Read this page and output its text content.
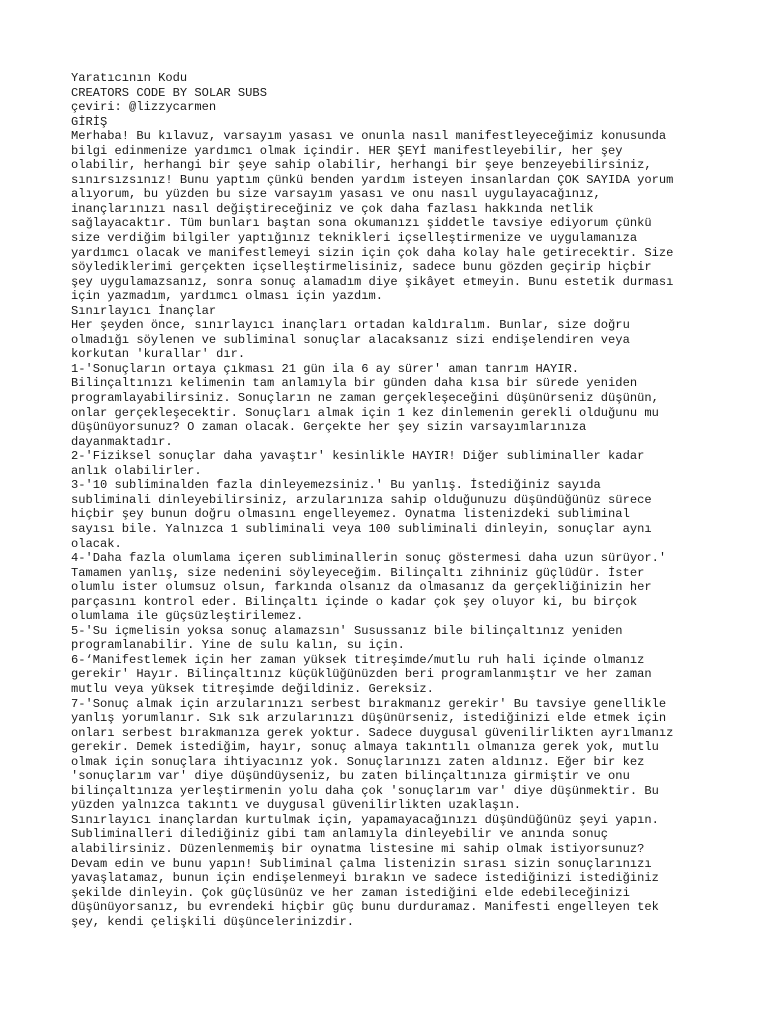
Yaratıcının Kodu
CREATORS CODE BY SOLAR SUBS
çeviri: @lizzycarmen
GİRİŞ
Merhaba! Bu kılavuz, varsayım yasası ve onunla nasıl manifestleyeceğimiz konusunda
bilgi edinmenize yardımcı olmak içindir. HER ŞEYİ manifestleyebilir, her şey
olabilir, herhangi bir şeye sahip olabilir, herhangi bir şeye benzeyebilirsiniz,
sınırsızsınız! Bunu yaptım çünkü benden yardım isteyen insanlardan ÇOK SAYIDA yorum
alıyorum, bu yüzden bu size varsayım yasası ve onu nasıl uygulayacağınız,
inançlarınızı nasıl değiştireceğiniz ve çok daha fazlası hakkında netlik
sağlayacaktır. Tüm bunları baştan sona okumanızı şiddetle tavsiye ediyorum çünkü
size verdiğim bilgiler yaptığınız teknikleri içselleştirmenize ve uygulamanıza
yardımcı olacak ve manifestlemeyi sizin için çok daha kolay hale getirecektir. Size
söylediklerimi gerçekten içselleştirmelisiniz, sadece bunu gözden geçirip hiçbir
şey uygulamazsanız, sonra sonuç alamadım diye şikâyet etmeyin. Bunu estetik durması
için yazmadım, yardımcı olması için yazdım.
Sınırlayıcı İnançlar
Her şeyden önce, sınırlayıcı inançları ortadan kaldıralım. Bunlar, size doğru
olmadığı söylenen ve subliminal sonuçlar alacaksanız sizi endişelendiren veya
korkutan 'kurallar' dır.
1-'Sonuçların ortaya çıkması 21 gün ila 6 ay sürer' aman tanrım HAYIR.
Bilinçaltınızı kelimenin tam anlamıyla bir günden daha kısa bir sürede yeniden
programlayabilirsiniz. Sonuçların ne zaman gerçekleşeceğini düşünürseniz düşünün,
onlar gerçekleşecektir. Sonuçları almak için 1 kez dinlemenin gerekli olduğunu mu
düşünüyorsunuz? O zaman olacak. Gerçekte her şey sizin varsayımlarınıza
dayanmaktadır.
2-'Fiziksel sonuçlar daha yavaştır' kesinlikle HAYIR! Diğer subliminaller kadar
anlık olabilirler.
3-'10 subliminalden fazla dinleyemezsiniz.' Bu yanlış. İstediğiniz sayıda
subliminali dinleyebilirsiniz, arzularınıza sahip olduğunuzu düşündüğünüz sürece
hiçbir şey bunun doğru olmasını engelleyemez. Oynatma listenizdeki subliminal
sayısı bile. Yalnızca 1 subliminali veya 100 subliminali dinleyin, sonuçlar aynı
olacak.
4-'Daha fazla olumlama içeren subliminallerin sonuç göstermesi daha uzun sürüyor.'
Tamamen yanlış, size nedenini söyleyeceğim. Bilinçaltı zihniniz güçlüdür. İster
olumlu ister olumsuz olsun, farkında olsanız da olmasanız da gerçekliğinizin her
parçasını kontrol eder. Bilinçaltı içinde o kadar çok şey oluyor ki, bu birçok
olumlama ile güçsüzleştirilemez.
5-'Su içmelisin yoksa sonuç alamazsın' Susussanız bile bilinçaltınız yeniden
programlanabilir. Yine de sulu kalın, su için.
6-‘Manifestlemek için her zaman yüksek titreşimde/mutlu ruh hali içinde olmanız
gerekir' Hayır. Bilinçaltınız küçüklüğünüzden beri programlanmıştır ve her zaman
mutlu veya yüksek titreşimde değildiniz. Gereksiz.
7-'Sonuç almak için arzularınızı serbest bırakmanız gerekir' Bu tavsiye genellikle
yanlış yorumlanır. Sık sık arzularınızı düşünürseniz, istediğinizi elde etmek için
onları serbest bırakmanıza gerek yoktur. Sadece duygusal güvenilirlikten ayrılmanız
gerekir. Demek istediğim, hayır, sonuç almaya takıntılı olmanıza gerek yok, mutlu
olmak için sonuçlara ihtiyacınız yok. Sonuçlarınızı zaten aldınız. Eğer bir kez
'sonuçlarım var' diye düşündüyseniz, bu zaten bilinçaltınıza girmiştir ve onu
bilinçaltınıza yerleştirmenin yolu daha çok 'sonuçlarım var' diye düşünmektir. Bu
yüzden yalnızca takıntı ve duygusal güvenilirlikten uzaklaşın.
Sınırlayıcı inançlardan kurtulmak için, yapamayacağınızı düşündüğünüz şeyi yapın.
Subliminalleri dilediğiniz gibi tam anlamıyla dinleyebilir ve anında sonuç
alabilirsiniz. Düzenlenmemiş bir oynatma listesine mi sahip olmak istiyorsunuz?
Devam edin ve bunu yapın! Subliminal çalma listenizin sırası sizin sonuçlarınızı
yavaşlatamaz, bunun için endişelenmeyi bırakın ve sadece istediğinizi istediğiniz
şekilde dinleyin. Çok güçlüsünüz ve her zaman istediğini elde edebileceğinizi
düşünüyorsanız, bu evrendeki hiçbir güç bunu durduramaz. Manifesti engelleyen tek
şey, kendi çelişkili düşüncelerinizdir.
